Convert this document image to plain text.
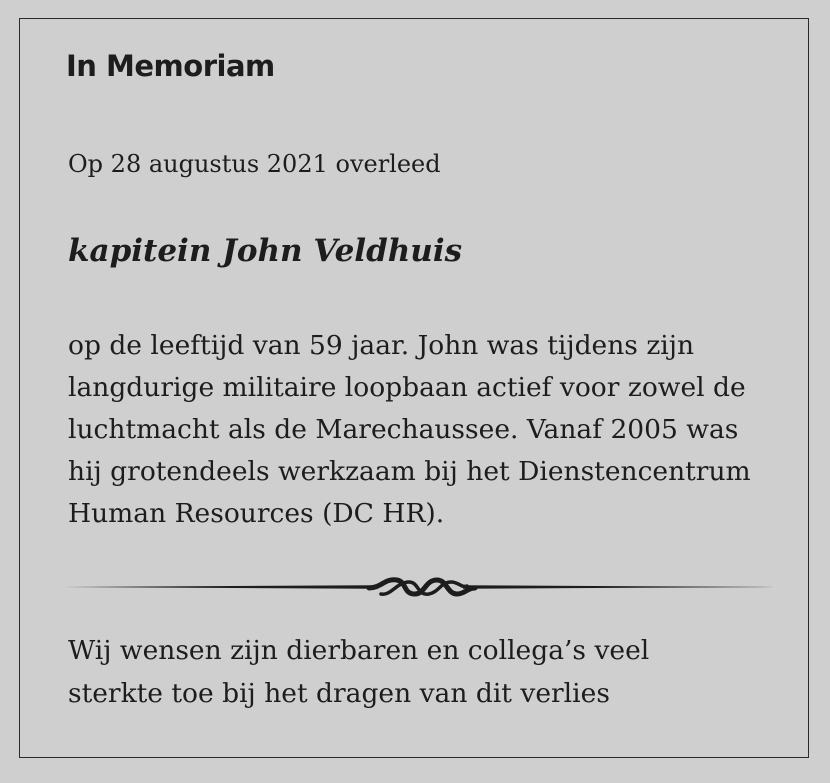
In Memoriam

Op 28 augustus 2021 overleed

kapitein John Veldhuis

op de leeftijd van 59 jaar. John was tijdens zijn
langdurige militaire loopbaan actief voor zowel de
luchtmacht als de Marechaussee. Vanaf 2005 was
hij grotendeels werkzaam bij het Dienstencentrum
Human Resources (DC HR).

Wij wensen zijn dierbaren en collega’s veel
sterkte toe bij het dragen van dit verlies
